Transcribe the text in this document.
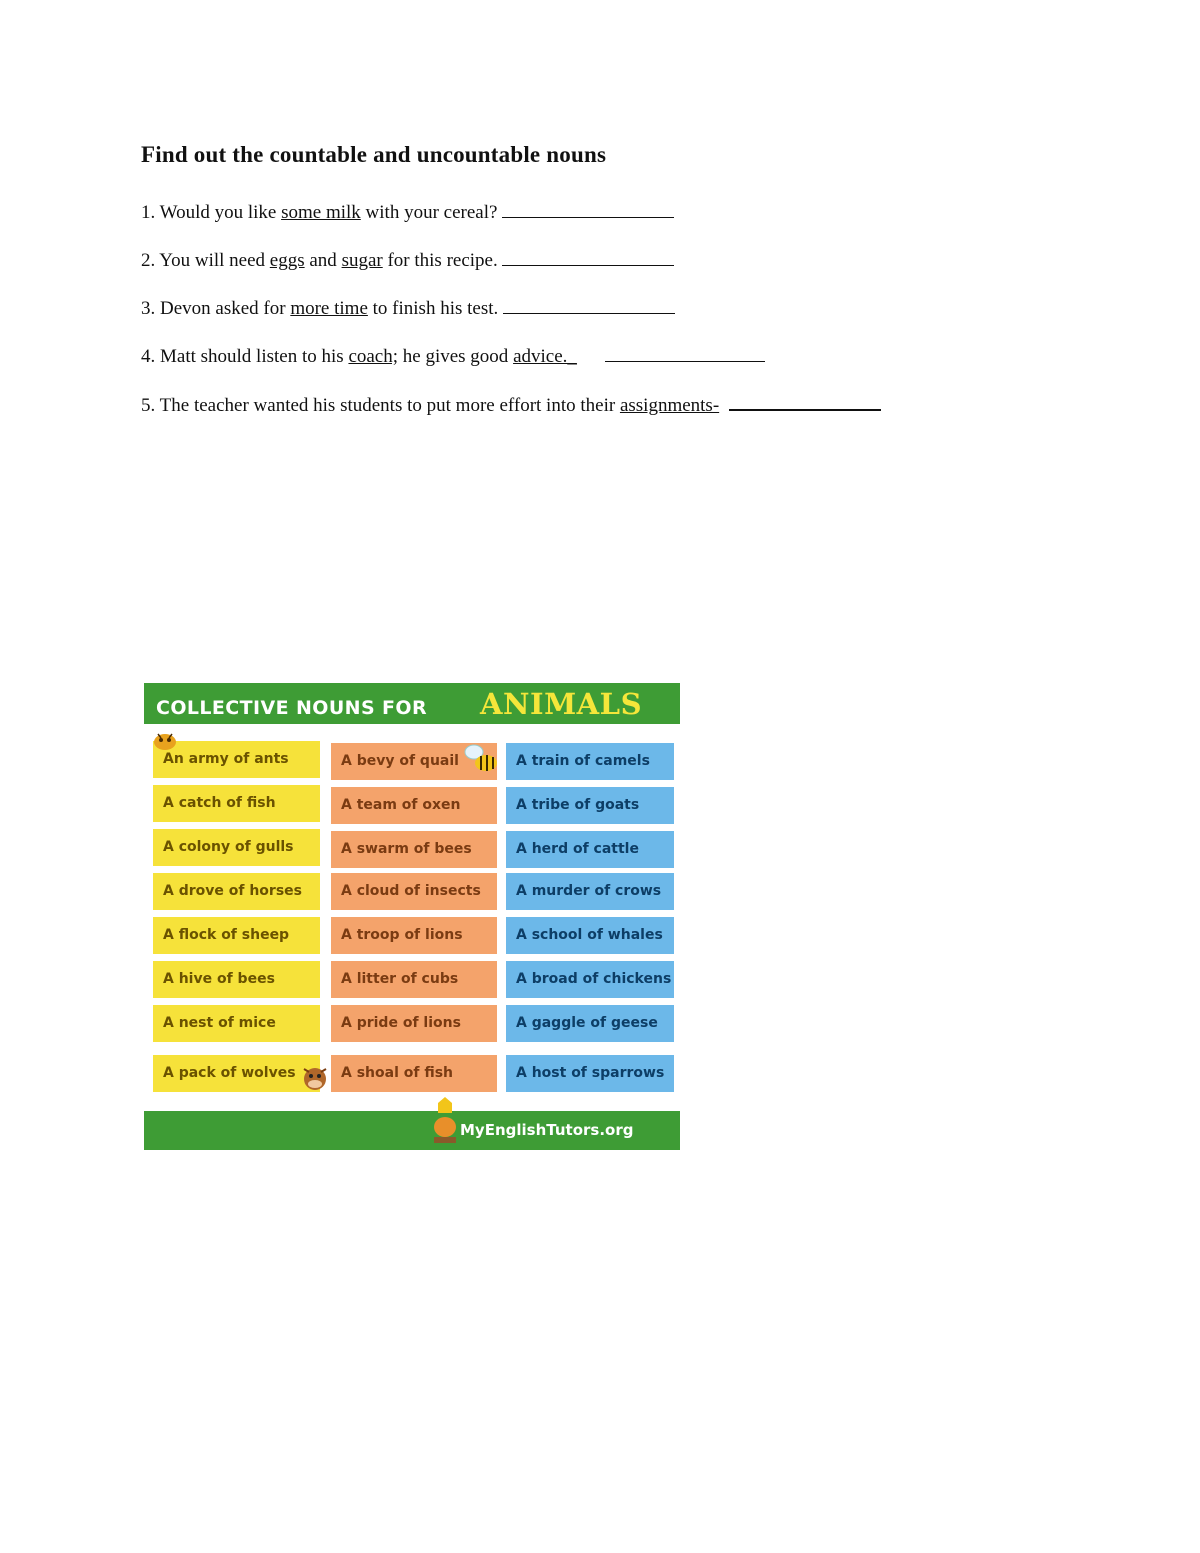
Find out the countable and uncountable nouns
1. Would you like some milk with your cereal?
2. You will need eggs and sugar for this recipe.
3. Devon asked for more time to finish his test.
4. Matt should listen to his coach; he gives good advice._
5. The teacher wanted his students to put more effort into their assignments-
COLLECTIVE NOUNS FOR ANIMALS
An army of ants
A catch of fish
A colony of gulls
A drove of horses
A flock of sheep
A hive of bees
A nest of mice
A pack of wolves
A bevy of quail
A team of oxen
A swarm of bees
A cloud of insects
A troop of lions
A litter of cubs
A pride of lions
A shoal of fish
A train of camels
A tribe of goats
A herd of cattle
A murder of crows
A school of whales
A broad of chickens
A gaggle of geese
A host of sparrows
MyEnglishTutors.org
